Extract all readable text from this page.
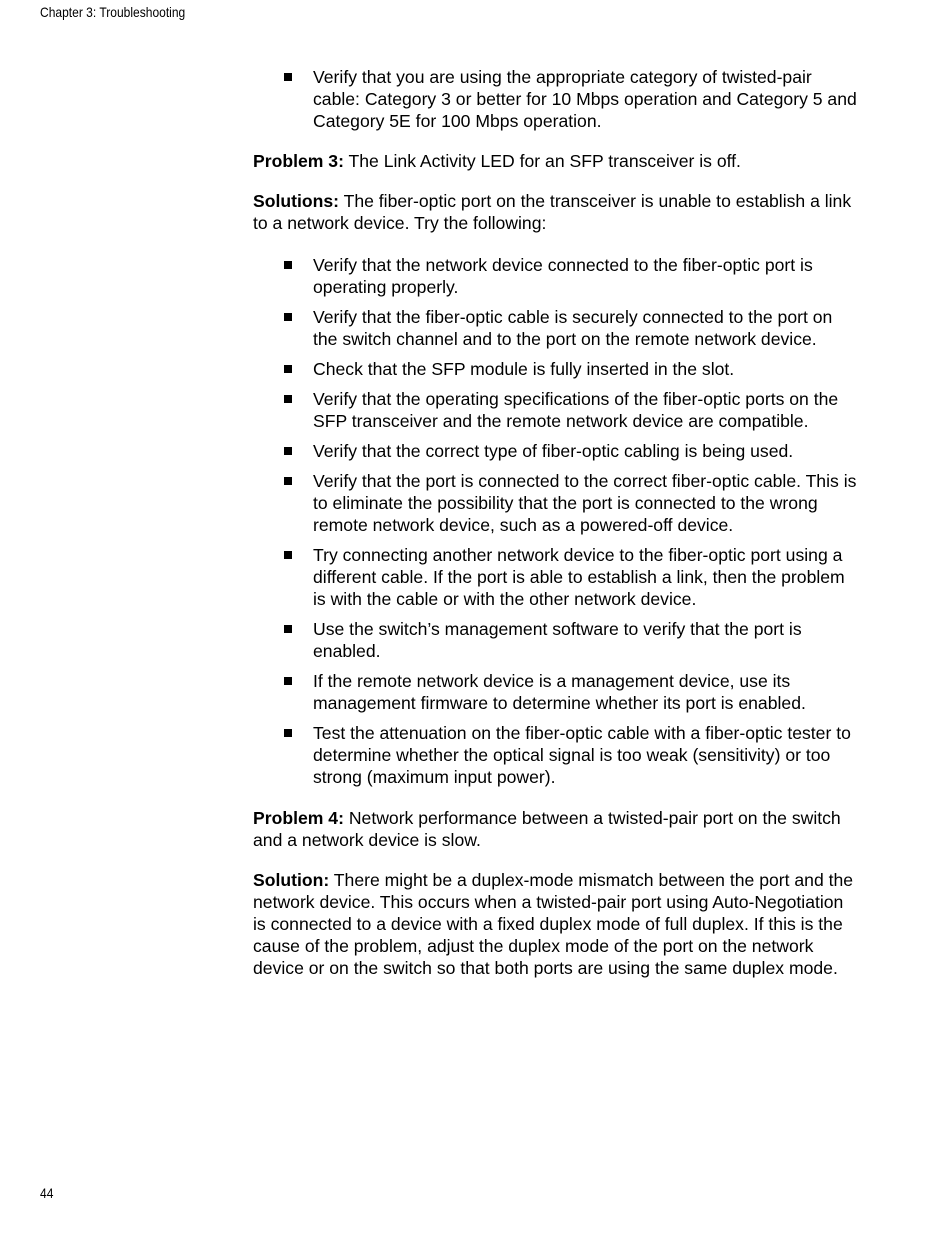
Chapter 3: Troubleshooting
Verify that you are using the appropriate category of twisted-pair cable: Category 3 or better for 10 Mbps operation and Category 5 and Category 5E for 100 Mbps operation.

Problem 3: The Link Activity LED for an SFP transceiver is off.

Solutions: The fiber-optic port on the transceiver is unable to establish a link to a network device. Try the following:

Verify that the network device connected to the fiber-optic port is operating properly.
Verify that the fiber-optic cable is securely connected to the port on the switch channel and to the port on the remote network device.
Check that the SFP module is fully inserted in the slot.
Verify that the operating specifications of the fiber-optic ports on the SFP transceiver and the remote network device are compatible.
Verify that the correct type of fiber-optic cabling is being used.
Verify that the port is connected to the correct fiber-optic cable. This is to eliminate the possibility that the port is connected to the wrong remote network device, such as a powered-off device.
Try connecting another network device to the fiber-optic port using a different cable. If the port is able to establish a link, then the problem is with the cable or with the other network device.
Use the switch’s management software to verify that the port is enabled.
If the remote network device is a management device, use its management firmware to determine whether its port is enabled.
Test the attenuation on the fiber-optic cable with a fiber-optic tester to determine whether the optical signal is too weak (sensitivity) or too strong (maximum input power).

Problem 4: Network performance between a twisted-pair port on the switch and a network device is slow.

Solution: There might be a duplex-mode mismatch between the port and the network device. This occurs when a twisted-pair port using Auto-Negotiation is connected to a device with a fixed duplex mode of full duplex. If this is the cause of the problem, adjust the duplex mode of the port on the network device or on the switch so that both ports are using the same duplex mode.

44
